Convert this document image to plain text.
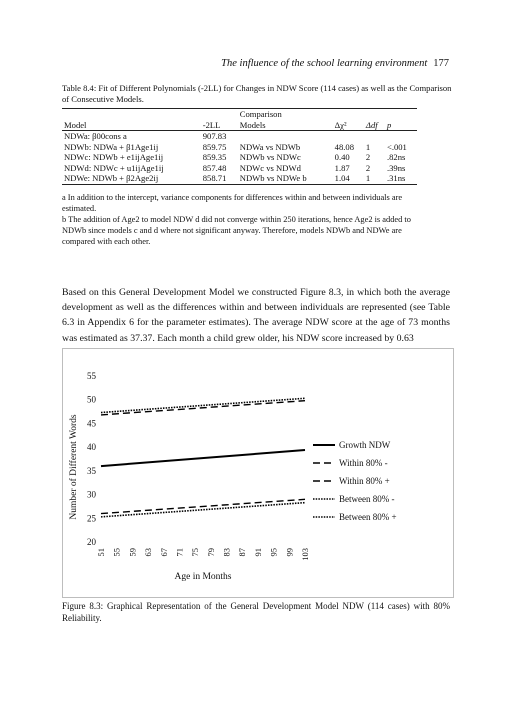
The influence of the school learning environment 177
Table 8.4: Fit of Different Polynomials (-2LL) for Changes in NDW Score (114 cases) as well as the Comparison of Consecutive Models.
		Comparison			
Model	-2LL	Models	Δχ²	Δdf	p
NDWa: β00cons a	907.83				
NDWb: NDWa + β1Age1ij	859.75	NDWa vs NDWb	48.08	1	<.001
NDWc: NDWb + e1ijAge1ij	859.35	NDWb vs NDWc	0.40	2	.82ns
NDWd: NDWc + u1ijAge1ij	857.48	NDWc vs NDWd	1.87	2	.39ns
NDWe: NDWb + β2Age2ij	858.71	NDWb vs NDWe b	1.04	1	.31ns

a In addition to the intercept, variance components for differences within and between individuals are estimated.

b The addition of Age2 to model NDW d did not converge within 250 iterations, hence Age2 is added to NDWb since models c and d where not significant anyway. Therefore, models NDWb and NDWe are compared with each other.

Based on this General Development Model we constructed Figure 8.3, in which both the average development as well as the differences within and between individuals are represented (see Table 6.3 in Appendix 6 for the parameter estimates). The average NDW score at the age of 73 months was estimated as 37.37. Each month a child grew older, his NDW score increased by 0.63
20
25
30
35
40
45
50
55
51 55 59 63 67 71 75 79 83 87 91 95 99 103
Age in Months
Number of Different Words	Growth NDW
Within 80% -
Within 80% +
Between 80% -
Between 80% +
Figure 8.3: Graphical Representation of the General Development Model NDW (114 cases) with 80% Reliability.
